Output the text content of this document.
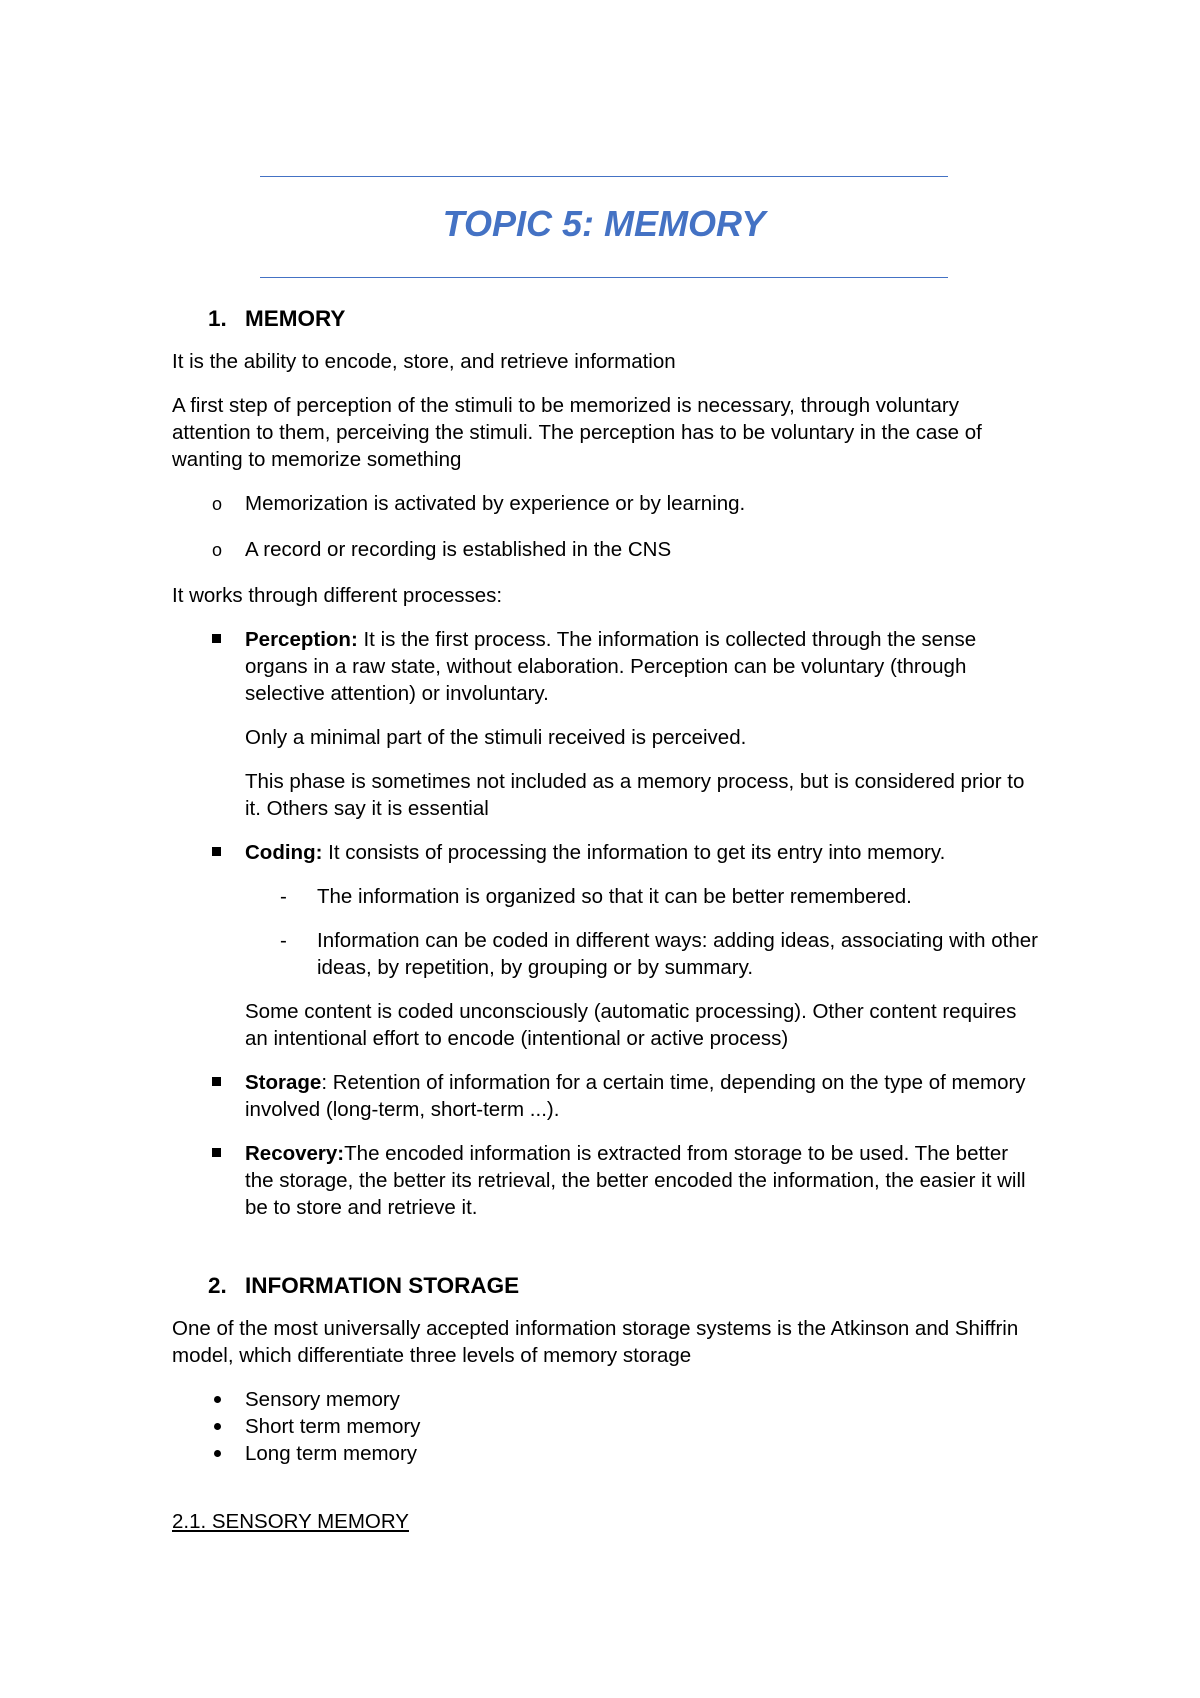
TOPIC 5: MEMORY
1. MEMORY
It is the ability to encode, store, and retrieve information
A first step of perception of the stimuli to be memorized is necessary, through voluntary attention to them, perceiving the stimuli. The perception has to be voluntary in the case of wanting to memorize something
o Memorization is activated by experience or by learning.
o A record or recording is established in the CNS
It works through different processes:
Perception: It is the first process. The information is collected through the sense organs in a raw state, without elaboration. Perception can be voluntary (through selective attention) or involuntary.
Only a minimal part of the stimuli received is perceived.
This phase is sometimes not included as a memory process, but is considered prior to it. Others say it is essential
Coding: It consists of processing the information to get its entry into memory.
- The information is organized so that it can be better remembered.
- Information can be coded in different ways: adding ideas, associating with other ideas, by repetition, by grouping or by summary.
Some content is coded unconsciously (automatic processing). Other content requires an intentional effort to encode (intentional or active process)
Storage: Retention of information for a certain time, depending on the type of memory involved (long-term, short-term ...).
Recovery:The encoded information is extracted from storage to be used. The better the storage, the better its retrieval, the better encoded the information, the easier it will be to store and retrieve it.
2. INFORMATION STORAGE
One of the most universally accepted information storage systems is the Atkinson and Shiffrin model, which differentiate three levels of memory storage
Sensory memory
Short term memory
Long term memory
2.1. SENSORY MEMORY
